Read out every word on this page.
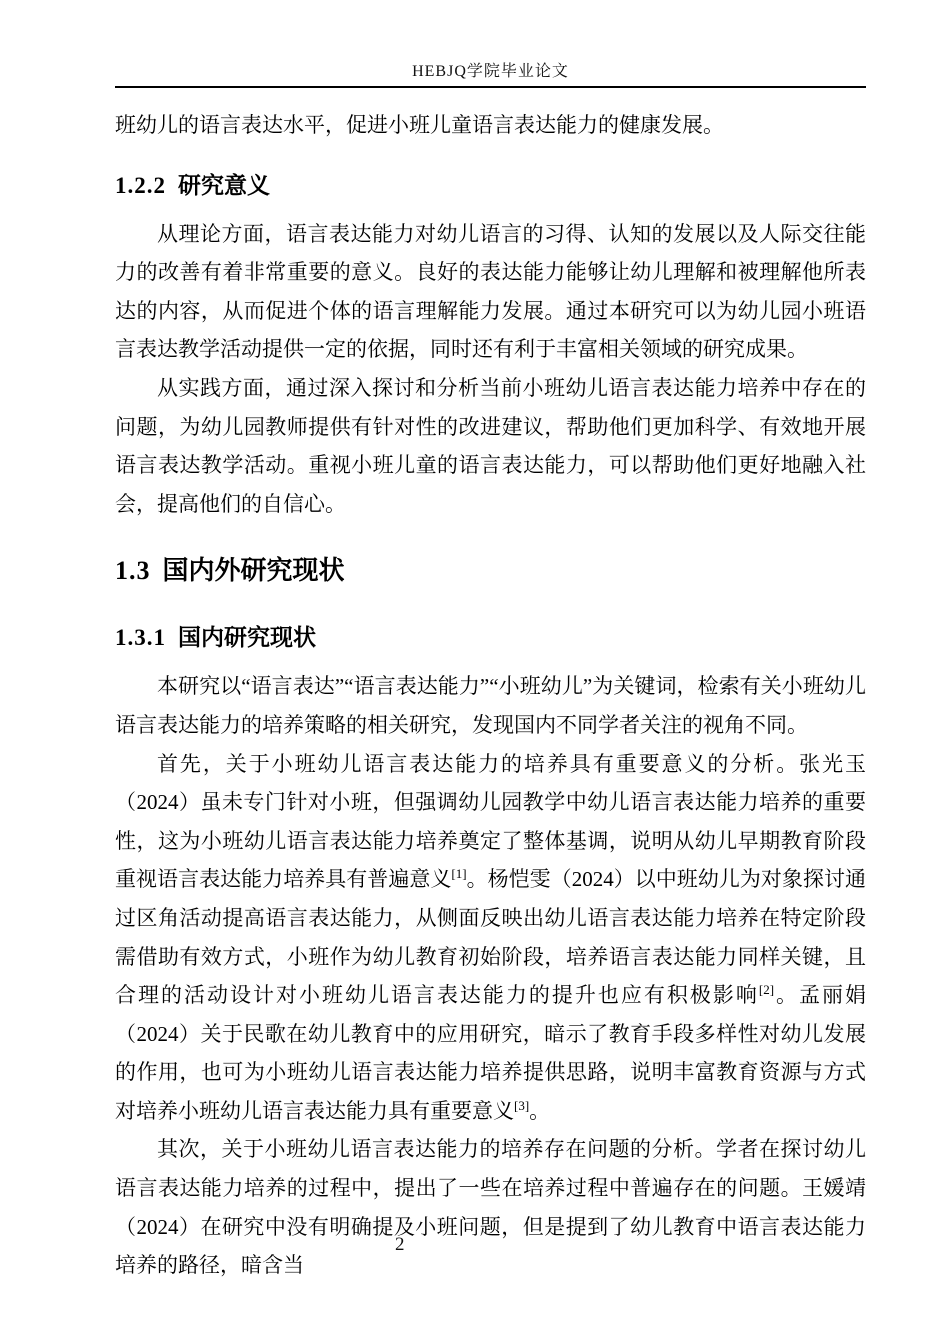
HEBJQ学院毕业论文

班幼儿的语言表达水平，促进小班儿童语言表达能力的健康发展。

1.2.2 研究意义

从理论方面，语言表达能力对幼儿语言的习得、认知的发展以及人际交往能力的改善有着非常重要的意义。良好的表达能力能够让幼儿理解和被理解他所表达的内容，从而促进个体的语言理解能力发展。通过本研究可以为幼儿园小班语言表达教学活动提供一定的依据，同时还有利于丰富相关领域的研究成果。

从实践方面，通过深入探讨和分析当前小班幼儿语言表达能力培养中存在的问题，为幼儿园教师提供有针对性的改进建议，帮助他们更加科学、有效地开展语言表达教学活动。重视小班儿童的语言表达能力，可以帮助他们更好地融入社会，提高他们的自信心。

1.3 国内外研究现状
1.3.1 国内研究现状

本研究以“语言表达”“语言表达能力”“小班幼儿”为关键词，检索有关小班幼儿语言表达能力的培养策略的相关研究，发现国内不同学者关注的视角不同。

首先，关于小班幼儿语言表达能力的培养具有重要意义的分析。张光玉（2024）虽未专门针对小班，但强调幼儿园教学中幼儿语言表达能力培养的重要性，这为小班幼儿语言表达能力培养奠定了整体基调，说明从幼儿早期教育阶段重视语言表达能力培养具有普遍意义[1]。杨恺雯（2024）以中班幼儿为对象探讨通过区角活动提高语言表达能力，从侧面反映出幼儿语言表达能力培养在特定阶段需借助有效方式，小班作为幼儿教育初始阶段，培养语言表达能力同样关键，且合理的活动设计对小班幼儿语言表达能力的提升也应有积极影响[2]。孟丽娟（2024）关于民歌在幼儿教育中的应用研究，暗示了教育手段多样性对幼儿发展的作用，也可为小班幼儿语言表达能力培养提供思路，说明丰富教育资源与方式对培养小班幼儿语言表达能力具有重要意义[3]。

其次，关于小班幼儿语言表达能力的培养存在问题的分析。学者在探讨幼儿语言表达能力培养的过程中，提出了一些在培养过程中普遍存在的问题。王媛靖（2024）在研究中没有明确提及小班问题，但是提到了幼儿教育中语言表达能力培养的路径，暗含当

2
